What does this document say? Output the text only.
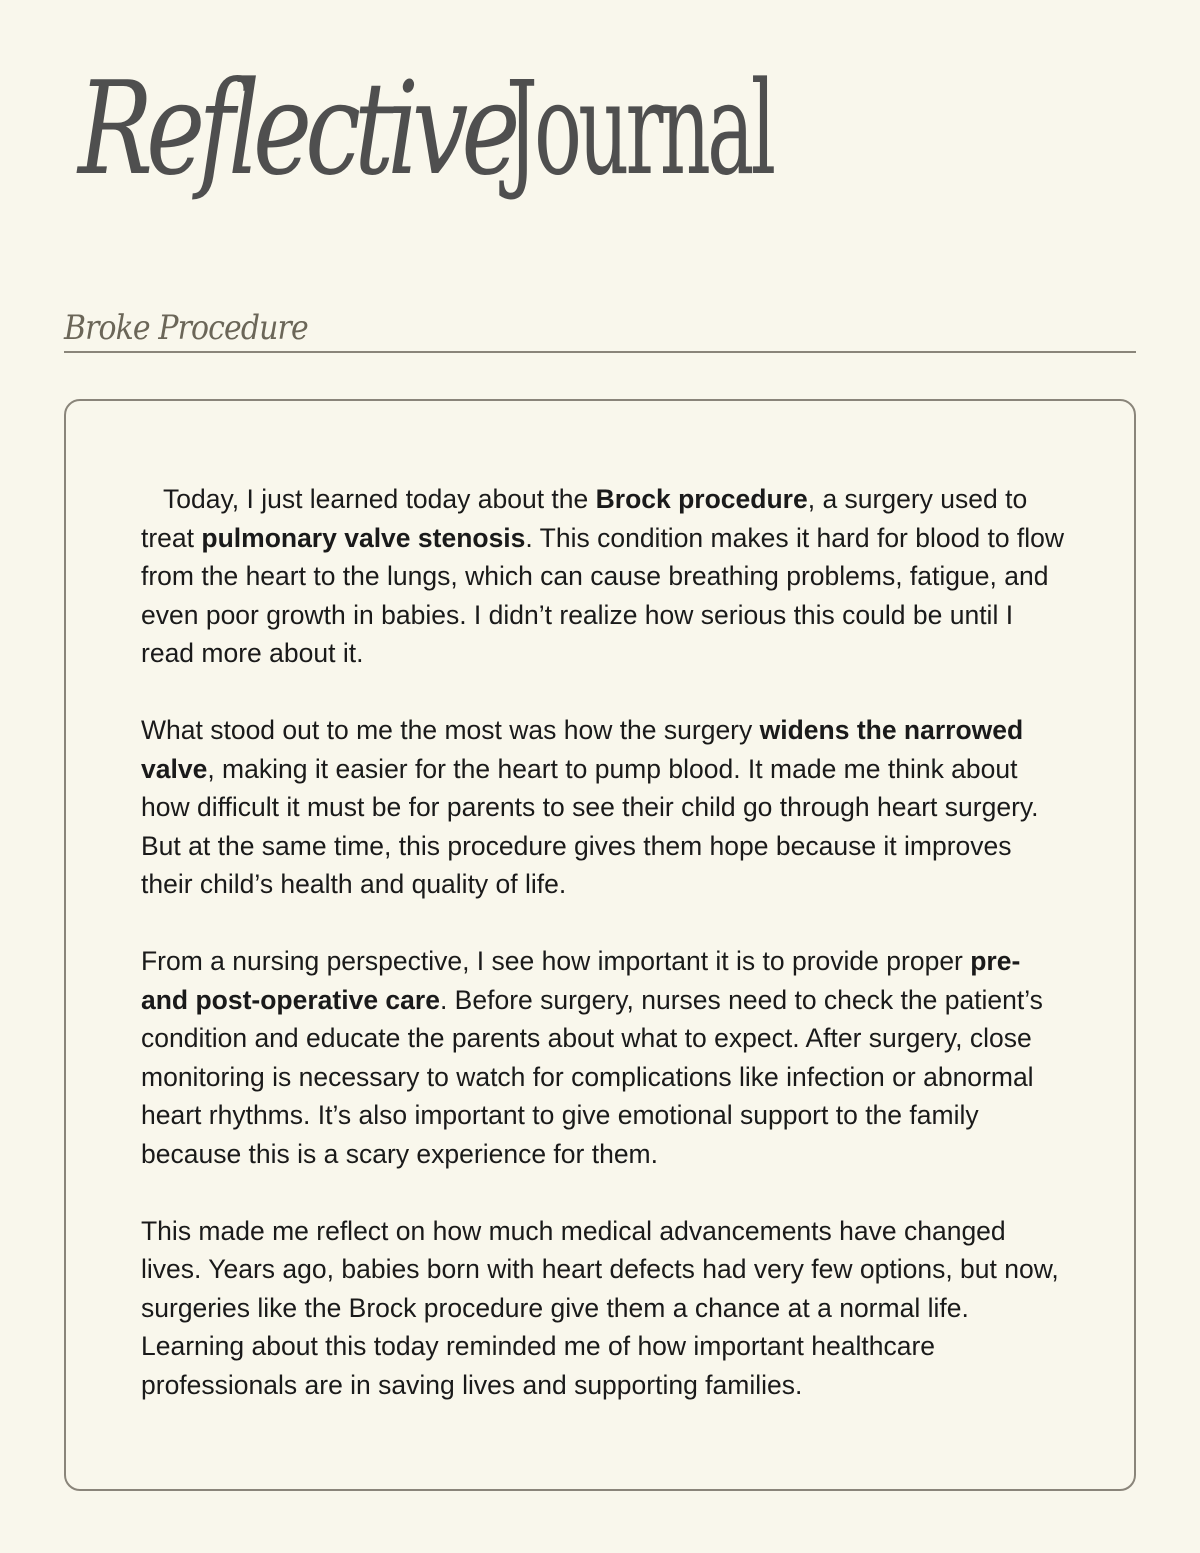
Reflective
Journal
Broke Procedure

Today, I just learned today about the Brock procedure, a surgery used to treat pulmonary valve stenosis. This condition makes it hard for blood to flow from the heart to the lungs, which can cause breathing problems, fatigue, and even poor growth in babies. I didn’t realize how serious this could be until I read more about it.

What stood out to me the most was how the surgery widens the narrowed valve, making it easier for the heart to pump blood. It made me think about how difficult it must be for parents to see their child go through heart surgery. But at the same time, this procedure gives them hope because it improves their child’s health and quality of life.

From a nursing perspective, I see how important it is to provide proper pre- and post-operative care. Before surgery, nurses need to check the patient’s condition and educate the parents about what to expect. After surgery, close monitoring is necessary to watch for complications like infection or abnormal heart rhythms. It’s also important to give emotional support to the family because this is a scary experience for them.

This made me reflect on how much medical advancements have changed lives. Years ago, babies born with heart defects had very few options, but now, surgeries like the Brock procedure give them a chance at a normal life. Learning about this today reminded me of how important healthcare professionals are in saving lives and supporting families.
